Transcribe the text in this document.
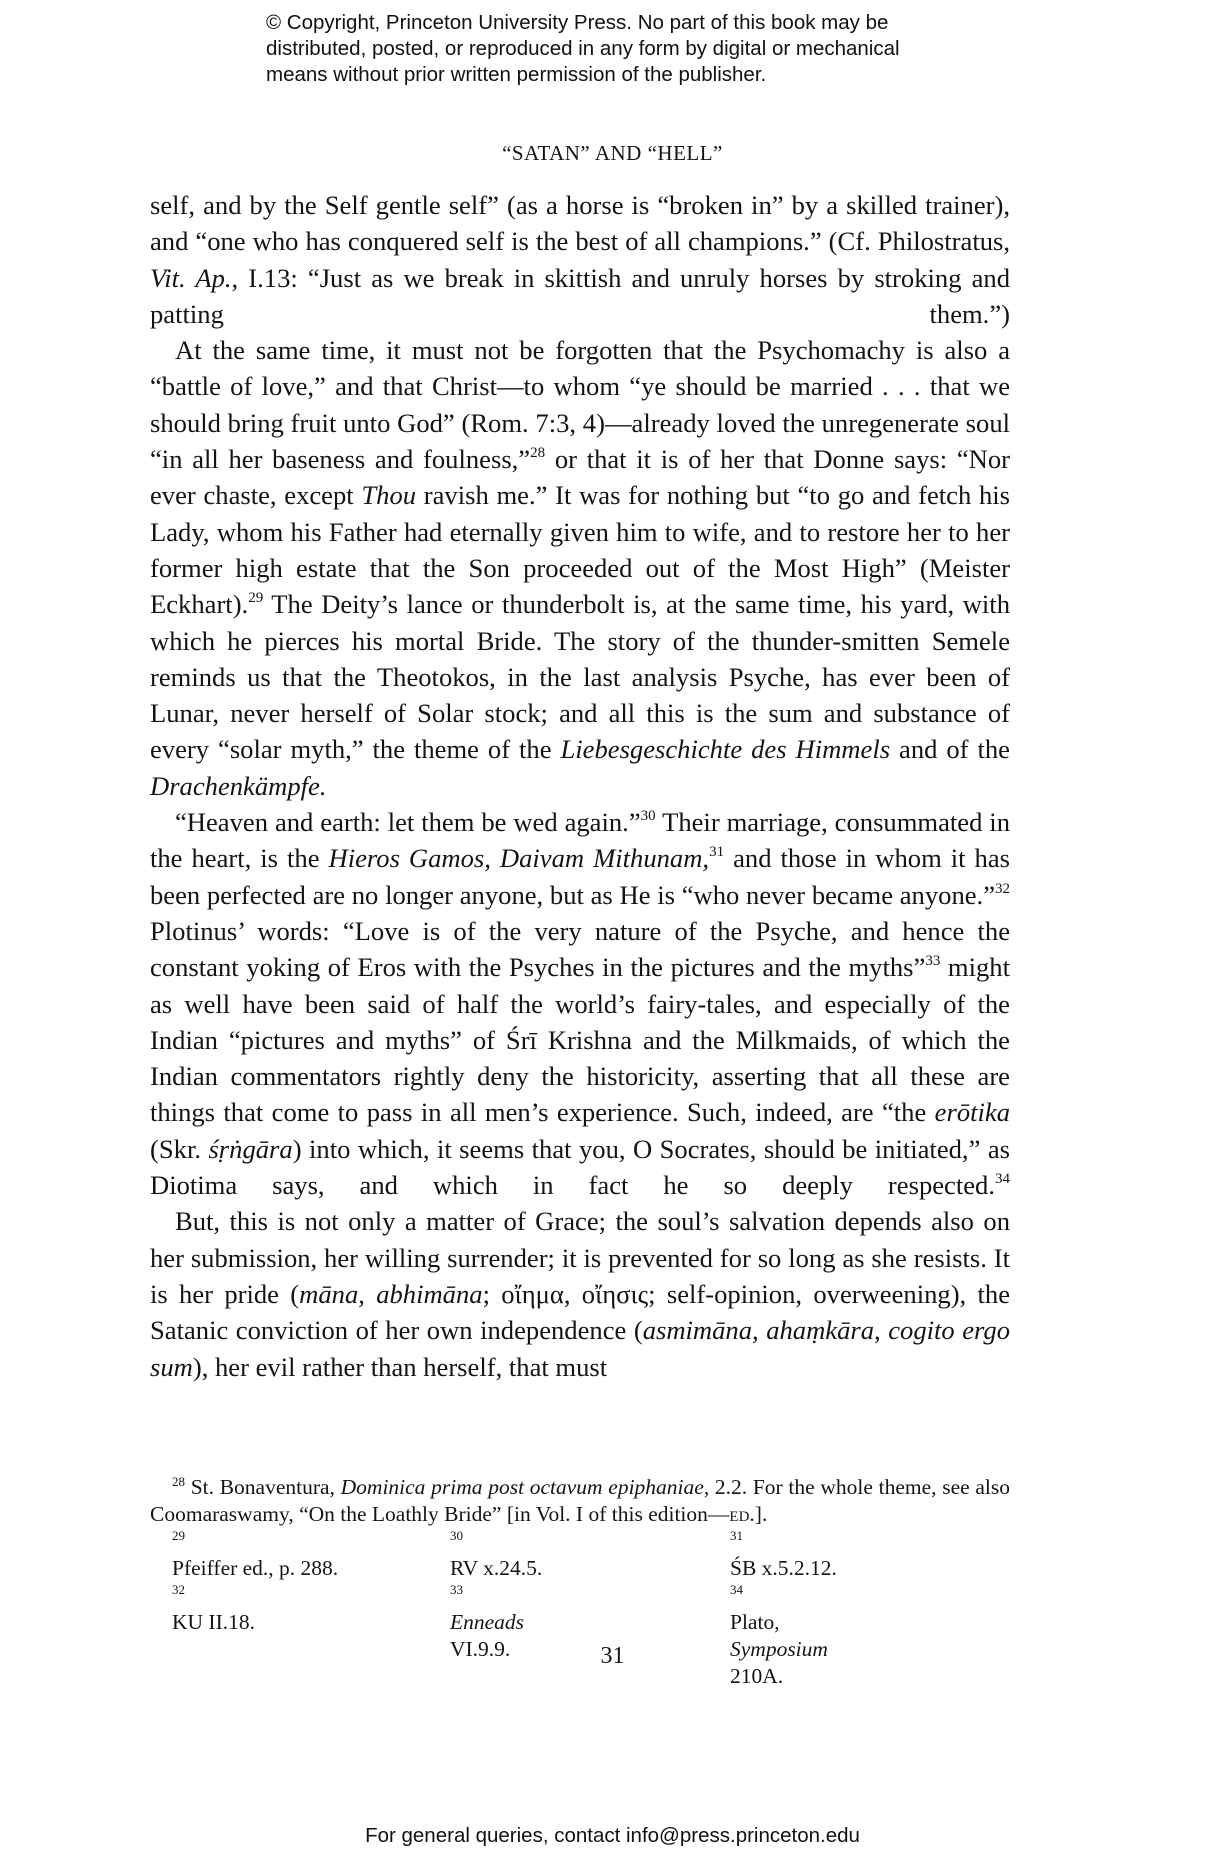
© Copyright, Princeton University Press. No part of this book may be
distributed, posted, or reproduced in any form by digital or mechanical
means without prior written permission of the publisher.
“SATAN” AND “HELL”

self, and by the Self gentle self” (as a horse is “broken in” by a skilled trainer), and “one who has conquered self is the best of all champions.” (Cf. Philostratus, Vit. Ap., I.13: “Just as we break in skittish and unruly horses by stroking and patting them.”)

At the same time, it must not be forgotten that the Psychomachy is also a “battle of love,” and that Christ—to whom “ye should be married . . . that we should bring fruit unto God” (Rom. 7:3, 4)—already loved the unregenerate soul “in all her baseness and foulness,”$^{28}$ or that it is of her that Donne says: “Nor ever chaste, except Thou ravish me.” It was for nothing but “to go and fetch his Lady, whom his Father had eternally given him to wife, and to restore her to her former high estate that the Son proceeded out of the Most High” (Meister Eckhart).$^{29}$ The Deity’s lance or thunderbolt is, at the same time, his yard, with which he pierces his mortal Bride. The story of the thunder-smitten Semele reminds us that the Theotokos, in the last analysis Psyche, has ever been of Lunar, never herself of Solar stock; and all this is the sum and substance of every “solar myth,” the theme of the Liebesgeschichte des Himmels and of the Drachenkämpfe.

“Heaven and earth: let them be wed again.”$^{30}$ Their marriage, consummated in the heart, is the Hieros Gamos, Daivam Mithunam,$^{31}$ and those in whom it has been perfected are no longer anyone, but as He is “who never became anyone.”$^{32}$ Plotinus’ words: “Love is of the very nature of the Psyche, and hence the constant yoking of Eros with the Psyches in the pictures and the myths”$^{33}$ might as well have been said of half the world’s fairy-tales, and especially of the Indian “pictures and myths” of Śrī Krishna and the Milkmaids, of which the Indian commentators rightly deny the historicity, asserting that all these are things that come to pass in all men’s experience. Such, indeed, are “the erōtika (Skr. śṛṅgāra) into which, it seems that you, O Socrates, should be initiated,” as Diotima says, and which in fact he so deeply respected.$^{34}$

But, this is not only a matter of Grace; the soul’s salvation depends also on her submission, her willing surrender; it is prevented for so long as she resists. It is her pride (māna, abhimāna; οἴημα, οἴησις; self-opinion, overweening), the Satanic conviction of her own independence (asmimāna, ahaṃkāra, cogito ergo sum), her evil rather than herself, that must

$^{28}$ St. Bonaventura, Dominica prima post octavum epiphaniae, 2.2. For the whole theme, see also Coomaraswamy, “On the Loathly Bride” [in Vol. I of this edition—ed.].
$^{29}$
Pfeiffer ed., p. 288.
$^{30}$
RV x.24.5.
$^{31}$
ŚB x.5.2.12.
$^{32}$
KU II.18.
$^{33}$
Enneads
VI.9.9.
$^{34}$
Plato,
Symposium
210A.
31
For general queries, contact info@press.princeton.edu
